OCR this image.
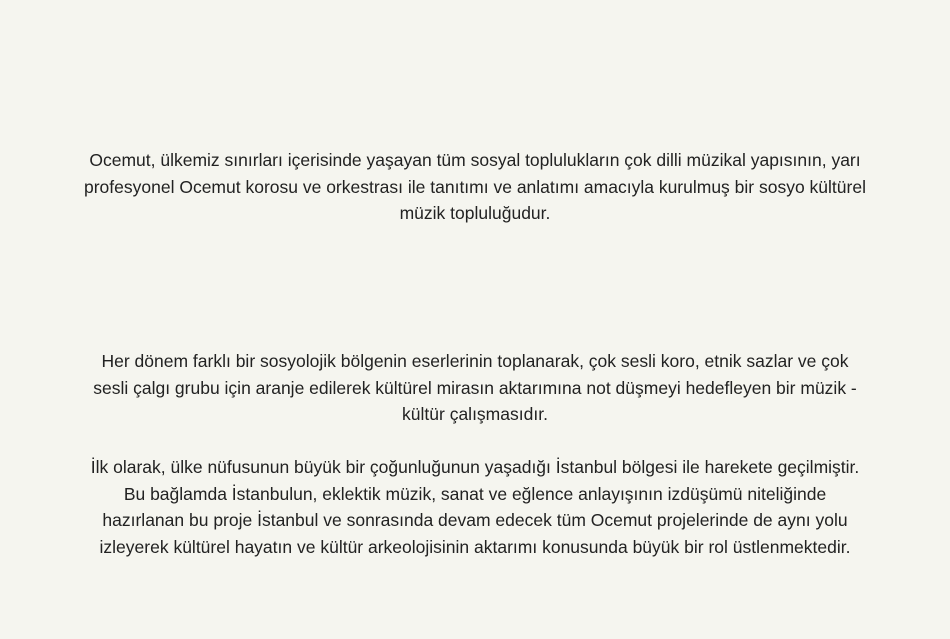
Ocemut, ülkemiz sınırları içerisinde yaşayan tüm sosyal toplulukların çok dilli müzikal yapısının, yarı
profesyonel Ocemut korosu ve orkestrası ile tanıtımı ve anlatımı amacıyla kurulmuş bir sosyo kültürel
müzik topluluğudur.

Her dönem farklı bir sosyolojik bölgenin eserlerinin toplanarak, çok sesli koro, etnik sazlar ve çok
sesli çalgı grubu için aranje edilerek kültürel mirasın aktarımına not düşmeyi hedefleyen bir müzik -
kültür çalışmasıdır.

İlk olarak, ülke nüfusunun büyük bir çoğunluğunun yaşadığı İstanbul bölgesi ile harekete geçilmiştir.
Bu bağlamda İstanbulun, eklektik müzik, sanat ve eğlence anlayışının izdüşümü niteliğinde
hazırlanan bu proje İstanbul ve sonrasında devam edecek tüm Ocemut projelerinde de aynı yolu
izleyerek kültürel hayatın ve kültür arkeolojisinin aktarımı konusunda büyük bir rol üstlenmektedir.
